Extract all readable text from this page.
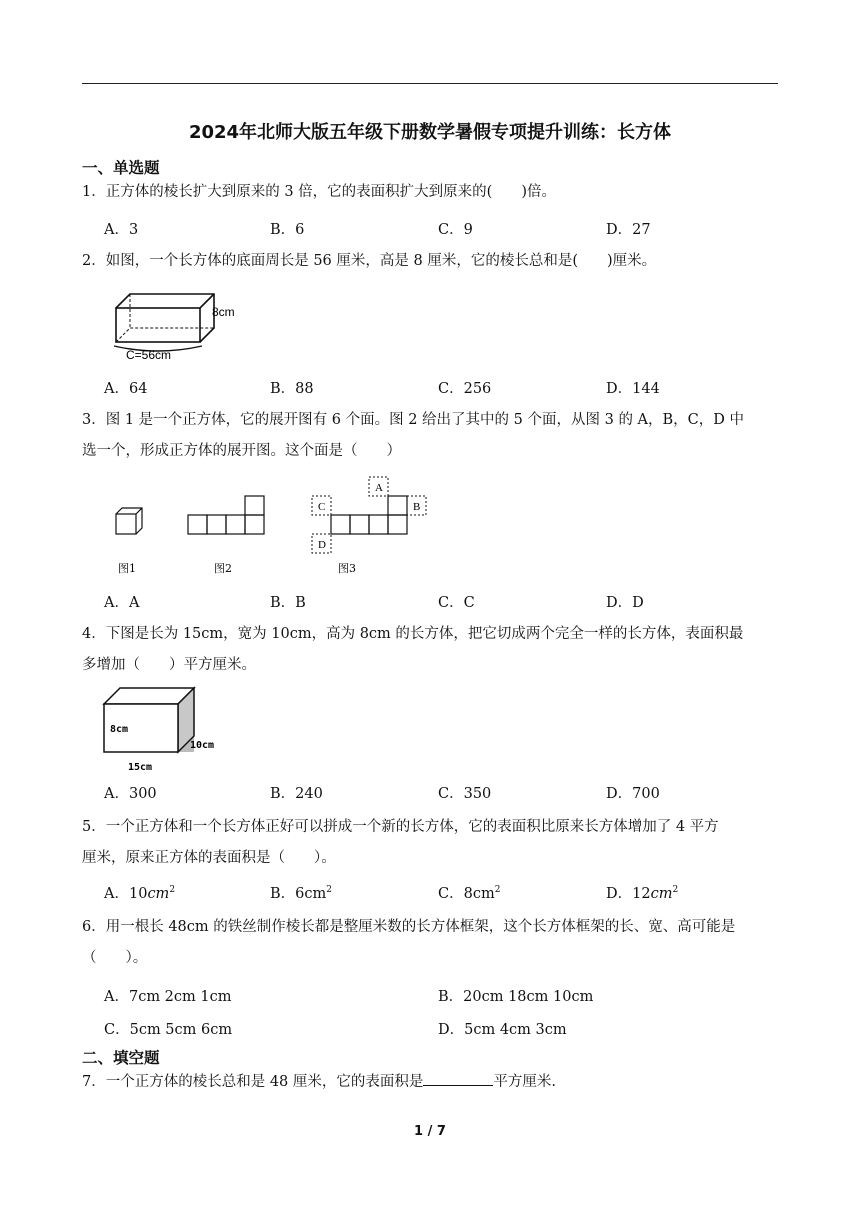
2024年北师大版五年级下册数学暑假专项提升训练：长方体
一、单选题
1．正方体的棱长扩大到原来的 3 倍，它的表面积扩大到原来的(　　)倍。
A．3	B．6	C．9	D．27
2．如图，一个长方体的底面周长是 56 厘米，高是 8 厘米，它的棱长总和是(　　)厘米。
8cm
C=56cm
A．64	B．88	C．256	D．144
3．图 1 是一个正方体，它的展开图有 6 个面。图 2 给出了其中的 5 个面，从图 3 的 A，B，C，D 中
选一个，形成正方体的展开图。这个面是（　　）
图1	图2
A
B
C
D
图3
A．A	B．B	C．C	D．D
4．下图是长为 15cm，宽为 10cm，高为 8cm 的长方体，把它切成两个完全一样的长方体，表面积最
多增加（　　）平方厘米。
8cm
10cm
15cm
A．300	B．240	C．350	D．700
5．一个正方体和一个长方体正好可以拼成一个新的长方体，它的表面积比原来长方体增加了 4 平方
厘米，原来正方体的表面积是（　　）。
A．$10cm^2$	B．$6cm^2$	C．$8cm^2$	D．$12cm^2$
6．用一根长 48cm 的铁丝制作棱长都是整厘米数的长方体框架，这个长方体框架的长、宽、高可能是
（　　）。
A．7cm 2cm 1cm	B．20cm 18cm 10cm
C．5cm 5cm 6cm	D．5cm 4cm 3cm
二、填空题
7．一个正方体的棱长总和是 48 厘米，它的表面积是	平方厘米.
1 / 7
